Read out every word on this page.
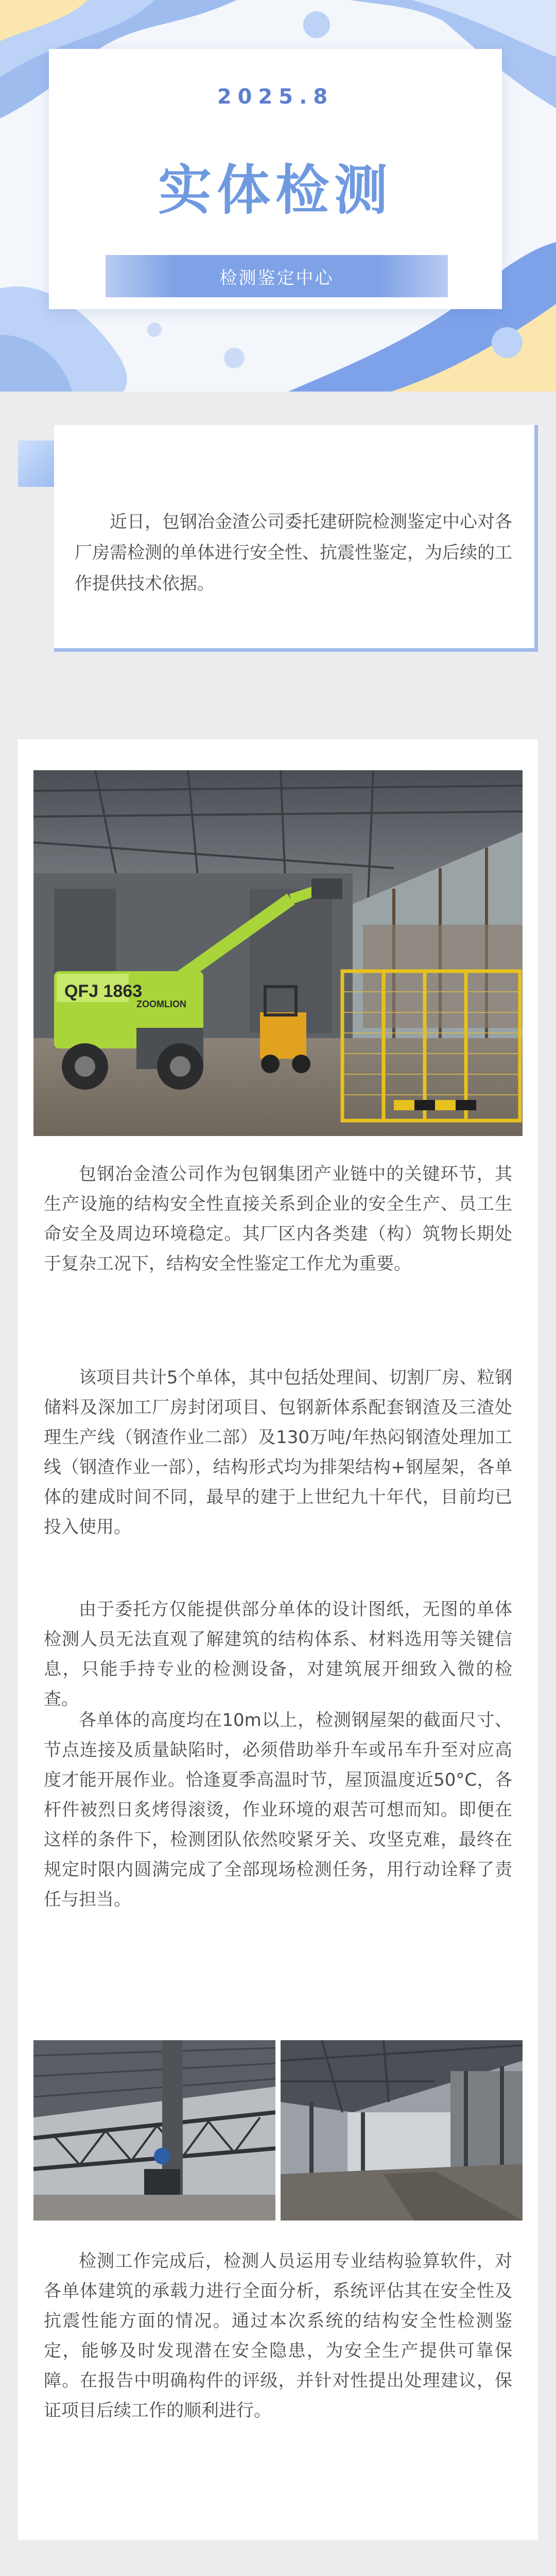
2025.8
实体检测
检测鉴定中心

近日，包钢冶金渣公司委托建研院检测鉴定中心对各厂房需检测的单体进行安全性、抗震性鉴定，为后续的工作提供技术依据。

QFJ 1863
ZOOMLION

包钢冶金渣公司作为包钢集团产业链中的关键环节，其生产设施的结构安全性直接关系到企业的安全生产、员工生命安全及周边环境稳定。其厂区内各类建（构）筑物长期处于复杂工况下，结构安全性鉴定工作尤为重要。

该项目共计5个单体，其中包括处理间、切割厂房、粒钢储料及深加工厂房封闭项目、包钢新体系配套钢渣及三渣处理生产线（钢渣作业二部）及130万吨/年热闷钢渣处理加工线（钢渣作业一部），结构形式均为排架结构+钢屋架，各单体的建成时间不同，最早的建于上世纪九十年代，目前均已投入使用。

由于委托方仅能提供部分单体的设计图纸，无图的单体检测人员无法直观了解建筑的结构体系、材料选用等关键信息，只能手持专业的检测设备，对建筑展开细致入微的检查。

各单体的高度均在10m以上，检测钢屋架的截面尺寸、节点连接及质量缺陷时，必须借助举升车或吊车升至对应高度才能开展作业。恰逢夏季高温时节，屋顶温度近50°C，各杆件被烈日炙烤得滚烫，作业环境的艰苦可想而知。即便在这样的条件下，检测团队依然咬紧牙关、攻坚克难，最终在规定时限内圆满完成了全部现场检测任务，用行动诠释了责任与担当。

检测工作完成后，检测人员运用专业结构验算软件，对各单体建筑的承载力进行全面分析，系统评估其在安全性及抗震性能方面的情况。通过本次系统的结构安全性检测鉴定，能够及时发现潜在安全隐患，为安全生产提供可靠保障。在报告中明确构件的评级，并针对性提出处理建议，保证项目后续工作的顺利进行。
